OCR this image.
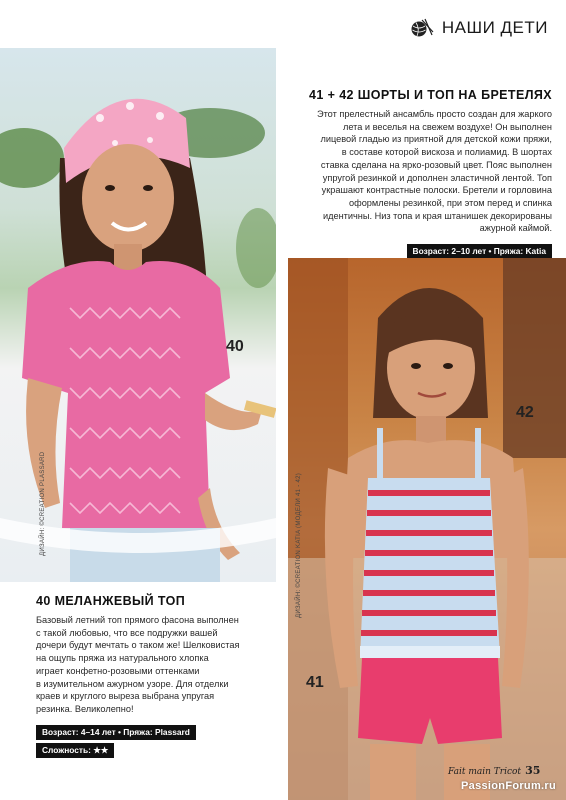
НАШИ ДЕТИ
ДИЗАЙН: ©CREATION PLASSARD
40
41 + 42 ШОРТЫ И ТОП НА БРЕТЕЛЯХ
Этот прелестный ансамбль просто создан для жаркого
лета и веселья на свежем воздухе! Он выполнен
лицевой гладью из приятной для детской кожи пряжи,
в составе которой вискоза и полиамид. В шортах
ставка сделана на ярко-розовый цвет. Пояс выполнен
упругой резинкой и дополнен эластичной лентой. Топ
украшают контрастные полоски. Бретели и горловина
оформлены резинкой, при этом перед и спинка
идентичны. Низ топа и края штанишек декорированы
ажурной каймой.
Возраст: 2–10 лет • Пряжа: Katia
ДИЗАЙН: ©CREATION KATIA (МОДЕЛИ 41 - 42)
42
41
40 МЕЛАНЖЕВЫЙ ТОП
Базовый летний топ прямого фасона выполнен
с такой любовью, что все подружки вашей
дочери будут мечтать о таком же! Шелковистая
на ощупь пряжа из натурального хлопка
играет конфетно-розовыми оттенками
в изумительном ажурном узоре. Для отделки
краев и круглого выреза выбрана упругая
резинка. Великолепно!
Возраст: 4–14 лет • Пряжа: Plassard
Сложность: ★★
Fait main Tricot 35
PassionForum.ru
